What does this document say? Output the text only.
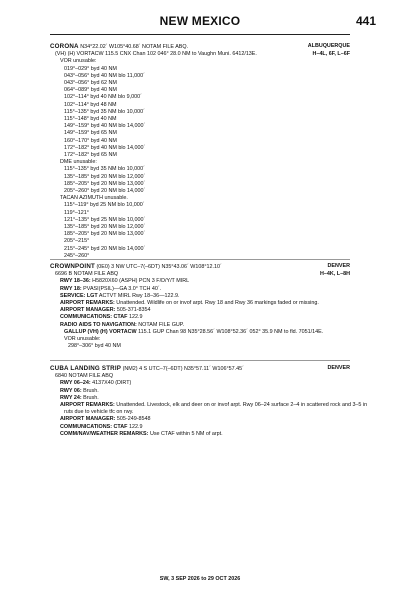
NEW MEXICO	441
CORONA N34°22.02´ W105°40.68´ NOTAM FILE ABQ.	ALBUQUERQUE
(VH) (H) VORTACW 115.5 CNX Chan 102 046° 28.0 NM to Vaughn Muni. 6412/13E.	H–4L, 6F, L–6F
VOR unusable:
019°–029° byd 40 NM
043°–056° byd 40 NM blo 11,000´
043°–056° byd 62 NM
064°–089° byd 40 NM
102°–114° byd 40 NM blo 9,000´
102°–114° byd 48 NM
115°–135° byd 35 NM blo 10,000´
115°–148° byd 40 NM
149°–159° byd 40 NM blo 14,000´
149°–159° byd 65 NM
160°–170° byd 40 NM
172°–182° byd 40 NM blo 14,000´
172°–182° byd 65 NM
DME unusable:
115°–135° byd 35 NM blo 10,000´
135°–185° byd 20 NM blo 12,000´
185°–205° byd 20 NM blo 13,000´
205°–260° byd 20 NM blo 14,000´
TACAN AZIMUTH unusable.
115°–119° byd 25 NM blo 10,000´
119°–121°
121°–135° byd 25 NM blo 10,000´
135°–185° byd 20 NM blo 12,000´
185°–205° byd 20 NM blo 13,000´
205°–215°
215°–245° byd 20 NM blo 14,000´
245°–260°
CROWNPOINT (0E0) 3 NW UTC–7(–6DT) N35°43.06´ W108°12.10´	DENVER
6696 B NOTAM FILE ABQ	H–4K, L–8H
RWY 18–36: H5820X60 (ASPH) PCN 3 F/D/Y/T MIRL
RWY 18: PVASI(PSIL)—GA 3.0° TCH 40´.
SERVICE: LGT ACTVT MIRL Rwy 18–36—122.9.
AIRPORT REMARKS: Unattended. Wildlife on or invof arpt. Rwy 18 and Rwy 36 markings faded or missing.
AIRPORT MANAGER: 505-371-8354
COMMUNICATIONS: CTAF 122.9
RADIO AIDS TO NAVIGATION: NOTAM FILE GUP.
GALLUP (VH) (H) VORTACW 115.1 GUP Chan 98 N35°28.56´ W108°52.36´ 052° 35.9 NM to fld. 7051/14E.
VOR unusable:
298°–306° byd 40 NM
CUBA LANDING STRIP (NM2) 4 S UTC–7(–6DT) N35°57.11´ W106°57.45´	DENVER
6840 NOTAM FILE ABQ
RWY 06–24: 4137X40 (DIRT)
RWY 06: Brush.
RWY 24: Brush.
AIRPORT REMARKS: Unattended. Livestock, elk and deer on or invof arpt. Rwy 06–24 surface 2–4 in scattered rock and 3–5 in
ruts due to vehicle tfc on rwy.
AIRPORT MANAGER: 505-249-8548
COMMUNICATIONS: CTAF 122.9
COMM/NAV/WEATHER REMARKS: Use CTAF within 5 NM of arpt.
SW, 3 SEP 2026 to 29 OCT 2026
